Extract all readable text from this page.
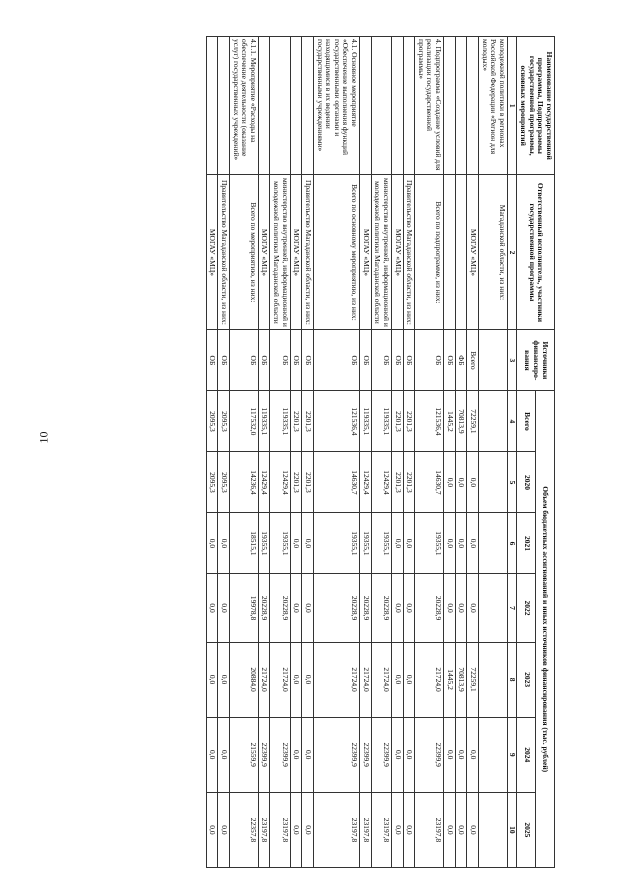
10
Наименование государственной программы, Подпрограммы государственной программы, основных мероприятий	Ответственный исполнитель, участники государственной программы	Источники финансиро-вания	Объем бюджетных ассигнований и иных источников финансирования (тыс. рублей)						
			Всего	2020	2021	2022	2023	2024	2025
1	2	3	4	5	6	7	8	9	10
молодежной политики в регионах Российской Федерации «Регион для молодых»	Магаданской области, из них:								
	МОГАУ «МЦ»	Всего	72259,1	0,0	0,0	0,0	72259,1	0,0	0,0
		ФБ	70813,9	0,0	0,0	0,0	70813,9	0,0	0,0
		ОБ	1445,2	0,0	0,0	0,0	1445,2	0,0	0,0
4. Подпрограмма «Создание условий для реализации государственной программы»	Всего по подпрограмме, из них:	ОБ	121536,4	14630,7	19355,1	20228,9	21724,0	22399,9	23197,8
	Правительство Магаданской области, из них:	ОБ	2201,3	2201,3	0,0	0,0	0,0	0,0	0,0
	МОГАУ «МЦ»	ОБ	2201,3	2201,3	0,0	0,0	0,0	0,0	0,0
	министерство внутренней, информационной и молодежной политики Магаданской области	ОБ	119335,1	12429,4	19355,1	20228,9	21724,0	22399,9	23197,8
	МОГАУ «МЦ»	ОБ	119335,1	12429,4	19355,1	20228,9	21724,0	22399,9	23197,8
4.1. Основное мероприятие «Обеспечение выполнения функций государственными органами и находящимися в их ведении государственными учреждениями»	Всего по основному мероприятию, из них:	ОБ	121536,4	14630,7	19355,1	20228,9	21724,0	22399,9	23197,8
	Правительство Магаданской области, из них:	ОБ	2201,3	2201,3	0,0	0,0	0,0	0,0	0,0
	МОГАУ «МЦ»	ОБ	2201,3	2201,3	0,0	0,0	0,0	0,0	0,0
	министерство внутренней, информационной и молодежной политики Магаданской области	ОБ	119335,1	12429,4	19355,1	20228,9	21724,0	22399,9	23197,8
	МОГАУ «МЦ»	ОБ	119335,1	12429,4	19355,1	20228,9	21724,0	22399,9	23197,8
4.1.1. Мероприятие «Расходы на обеспечение деятельности (оказание услуг) государственных учреждений»	Всего по мероприятию, из них:	ОБ	117532,0	14236,4	18515,1	19978,8	20884,0	21559,9	22357,8
	Правительство Магаданской области, из них:	ОБ	2095,3	2095,3	0,0	0,0	0,0	0,0	0,0
	МОГАУ «МЦ»	ОБ	2095,3	2095,3	0,0	0,0	0,0	0,0	0,0
